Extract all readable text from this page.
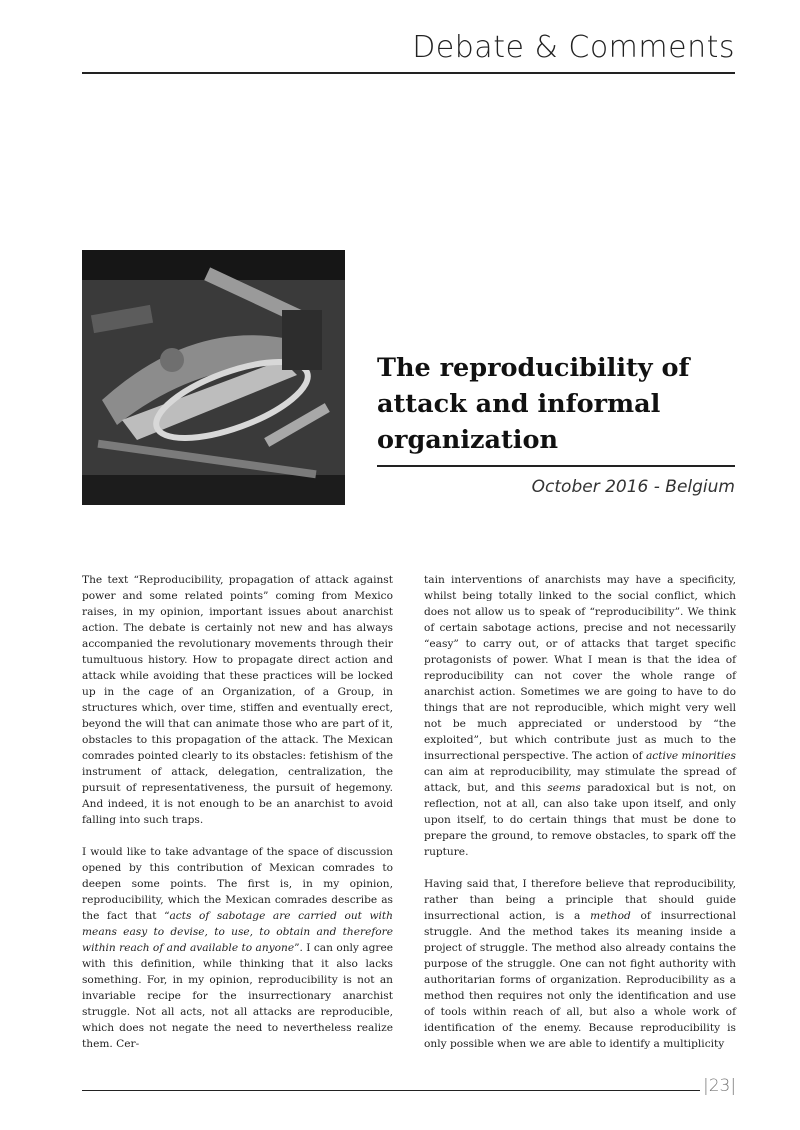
Debate & Comments
The reproducibility of attack and informal organization
October 2016 - Belgium

The text “Reproducibility, propagation of attack against power and some related points” coming from Mexico raises, in my opinion, important issues about anarchist action. The debate is certainly not new and has always accompanied the revolutionary movements through their tumultuous history. How to propagate direct action and attack while avoiding that these practices will be locked up in the cage of an Organization, of a Group, in structures which, over time, stiffen and eventually erect, beyond the will that can animate those who are part of it, obstacles to this propagation of the attack. The Mexican comrades pointed clearly to its obstacles: fetishism of the instrument of attack, delegation, centralization, the pursuit of representativeness, the pursuit of hegemony. And indeed, it is not enough to be an anarchist to avoid falling into such traps.

I would like to take advantage of the space of discussion opened by this contribution of Mexican comrades to deepen some points. The first is, in my opinion, reproducibility, which the Mexican comrades describe as the fact that “acts of sabotage are carried out with means easy to devise, to use, to obtain and therefore within reach of and available to anyone”. I can only agree with this definition, while thinking that it also lacks something. For, in my opinion, reproducibility is not an invariable recipe for the insurrectionary anarchist struggle. Not all acts, not all attacks are reproducible, which does not negate the need to nevertheless realize them. Cer-

tain interventions of anarchists may have a specificity, whilst being totally linked to the social conflict, which does not allow us to speak of “reproducibility”. We think of certain sabotage actions, precise and not necessarily “easy” to carry out, or of attacks that target specific protagonists of power. What I mean is that the idea of reproducibility can not cover the whole range of anarchist action. Sometimes we are going to have to do things that are not reproducible, which might very well not be much appreciated or understood by “the exploited”, but which contribute just as much to the insurrectional perspective. The action of active minorities can aim at reproducibility, may stimulate the spread of attack, but, and this seems paradoxical but is not, on reflection, not at all, can also take upon itself, and only upon itself, to do certain things that must be done to prepare the ground, to remove obstacles, to spark off the rupture.

Having said that, I therefore believe that reproducibility, rather than being a principle that should guide insurrectional action, is a method of insurrectional struggle. And the method takes its meaning inside a project of struggle. The method also already contains the purpose of the struggle. One can not fight authority with authoritarian forms of organization. Reproducibility as a method then requires not only the identification and use of tools within reach of all, but also a whole work of identification of the enemy. Because reproducibility is only possible when we are able to identify a multiplicity

|23|
